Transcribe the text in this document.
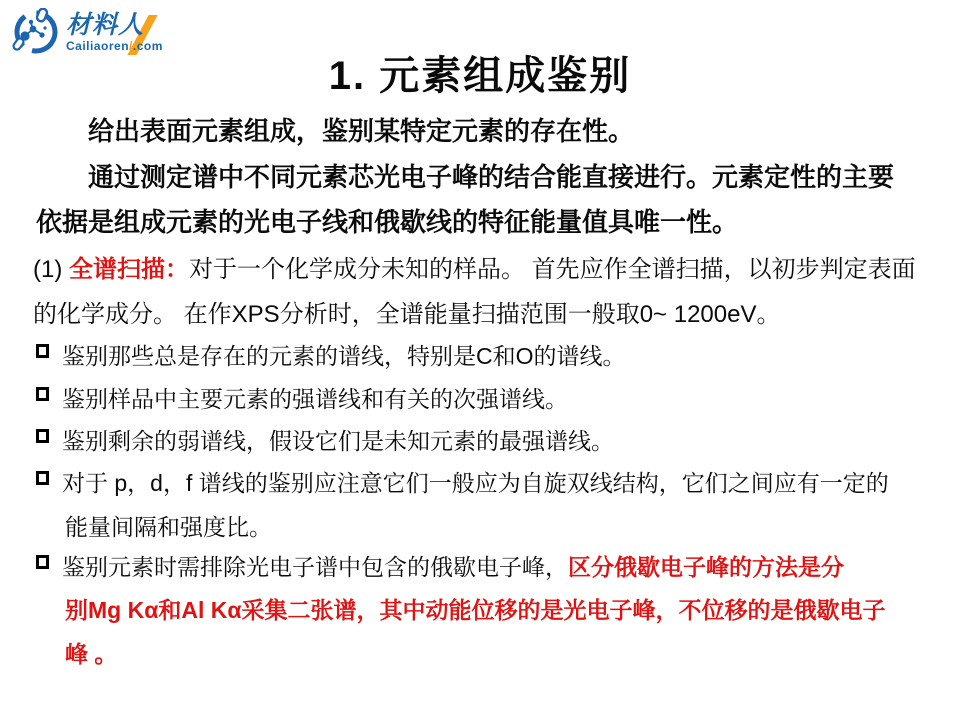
材料人
Cailiaoren/.com
1. 元素组成鉴别
给出表面元素组成，鉴别某特定元素的存在性。
通过测定谱中不同元素芯光电子峰的结合能直接进行。元素定性的主要
依据是组成元素的光电子线和俄歇线的特征能量值具唯一性。
(1) 全谱扫描：对于一个化学成分未知的样品。 首先应作全谱扫描，以初步判定表面
的化学成分。 在作XPS分析时，全谱能量扫描范围一般取0~ 1200eV。
鉴别那些总是存在的元素的谱线，特别是C和O的谱线。
鉴别样品中主要元素的强谱线和有关的次强谱线。
鉴别剩余的弱谱线，假设它们是未知元素的最强谱线。
对于 p，d，f 谱线的鉴别应注意它们一般应为自旋双线结构，它们之间应有一定的
能量间隔和强度比。
鉴别元素时需排除光电子谱中包含的俄歇电子峰，区分俄歇电子峰的方法是分
别Mg Kα和Al Kα采集二张谱，其中动能位移的是光电子峰，不位移的是俄歇电子
峰 。
